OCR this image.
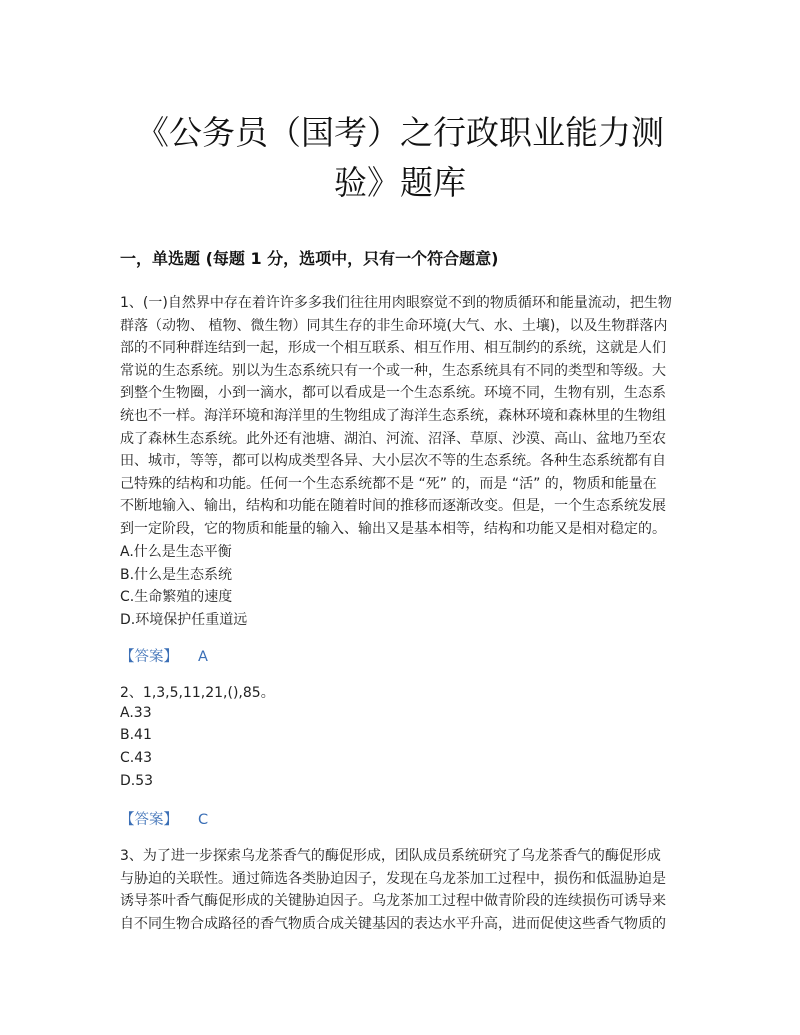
《公务员（国考）之行政职业能力测
验》题库
一，单选题 (每题 1 分，选项中，只有一个符合题意)
1、(一)自然界中存在着许许多多我们往往用肉眼察觉不到的物质循环和能量流动，把生物
群落（动物、 植物、微生物）同其生存的非生命环境(大气、水、土壤)，以及生物群落内
部的不同种群连结到一起，形成一个相互联系、相互作用、相互制约的系统，这就是人们
常说的生态系统。别以为生态系统只有一个或一种，生态系统具有不同的类型和等级。大
到整个生物圈，小到一滴水，都可以看成是一个生态系统。环境不同，生物有别，生态系
统也不一样。海洋环境和海洋里的生物组成了海洋生态系统，森林环境和森林里的生物组
成了森林生态系统。此外还有池塘、湖泊、河流、沼泽、草原、沙漠、高山、盆地乃至农
田、城市，等等，都可以构成类型各异、大小层次不等的生态系统。各种生态系统都有自
己特殊的结构和功能。任何一个生态系统都不是 “死” 的，而是 “活” 的，物质和能量在
不断地输入、输出，结构和功能在随着时间的推移而逐渐改变。但是，一个生态系统发展
到一定阶段，它的物质和能量的输入、输出又是基本相等，结构和功能又是相对稳定的。
A.什么是生态平衡
B.什么是生态系统
C.生命繁殖的速度
D.环境保护任重道远
【答案】 A
2、1,3,5,11,21,(),85。
A.33
B.41
C.43
D.53
【答案】 C
3、为了进一步探索乌龙茶香气的酶促形成，团队成员系统研究了乌龙茶香气的酶促形成
与胁迫的关联性。通过筛选各类胁迫因子，发现在乌龙茶加工过程中，损伤和低温胁迫是
诱导茶叶香气酶促形成的关键胁迫因子。乌龙茶加工过程中做青阶段的连续损伤可诱导来
自不同生物合成路径的香气物质合成关键基因的表达水平升高，进而促使这些香气物质的
